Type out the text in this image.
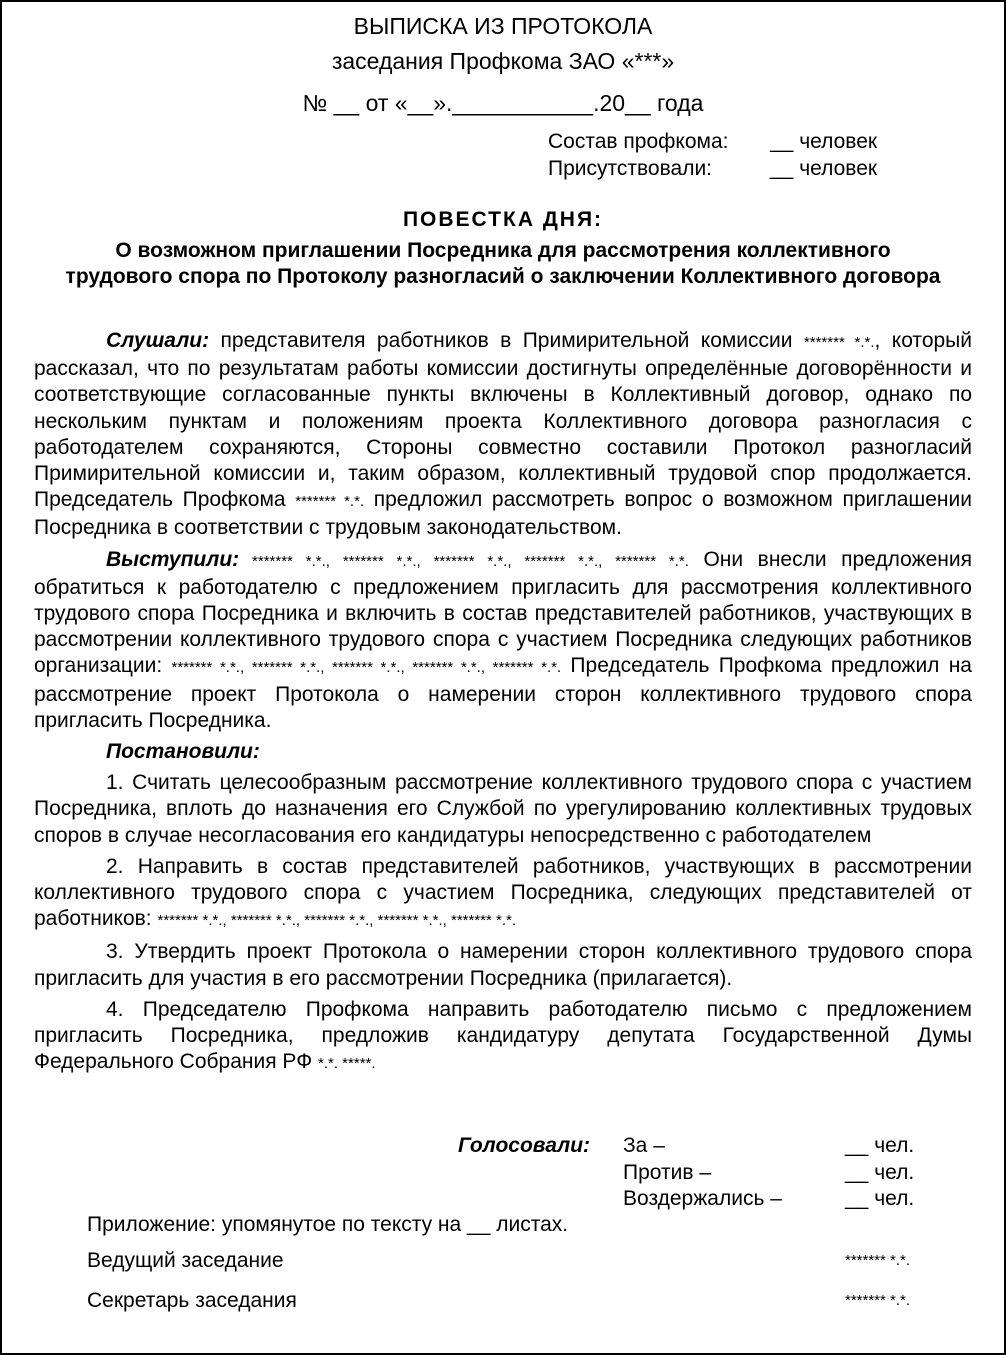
ВЫПИСКА ИЗ ПРОТОКОЛА
заседания Профкома ЗАО «***»
№ __ от «__».___________.20__ года
Состав профкома: __ человек
Присутствовали:	__ человек
ПОВЕСТКА ДНЯ:
О возможном приглашении Посредника для рассмотрения коллективного трудового спора по Протоколу разногласий о заключении Коллективного договора

Слушали: представителя работников в Примирительной комиссии ******* *.*., который рассказал, что по результатам работы комиссии достигнуты определённые договорённости и соответствующие согласованные пункты включены в Коллективный договор, однако по нескольким пунктам и положениям проекта Коллективного договора разногласия с работодателем сохраняются, Стороны совместно составили Протокол разногласий Примирительной комиссии и, таким образом, коллективный трудовой спор продолжается. Председатель Профкома ******* *.*. предложил рассмотреть вопрос о возможном приглашении Посредника в соответствии с трудовым законодательством.

Выступили: ******* *.*., ******* *.*., ******* *.*., ******* *.*., ******* *.*. Они внесли предложения обратиться к работодателю с предложением пригласить для рассмотрения коллективного трудового спора Посредника и включить в состав представителей работников, участвующих в рассмотрении коллективного трудового спора с участием Посредника следующих работников организации: ******* *.*., ******* *.*., ******* *.*., ******* *.*., ******* *.*. Председатель Профкома предложил на рассмотрение проект Протокола о намерении сторон коллективного трудового спора пригласить Посредника.

Постановили:

1. Считать целесообразным рассмотрение коллективного трудового спора с участием Посредника, вплоть до назначения его Службой по урегулированию коллективных трудовых споров в случае несогласования его кандидатуры непосредственно с работодателем

2. Направить в состав представителей работников, участвующих в рассмотрении коллективного трудового спора с участием Посредника, следующих представителей от работников: ******* *.*., ******* *.*., ******* *.*., ******* *.*., ******* *.*.

3. Утвердить проект Протокола о намерении сторон коллективного трудового спора пригласить для участия в его рассмотрении Посредника (прилагается).

4. Председателю Профкома направить работодателю письмо с предложением пригласить Посредника, предложив кандидатуру депутата Государственной Думы Федерального Собрания РФ *.*. *****.

Голосовали: За –	__ чел.
Против –	__ чел.
Воздержались –	__ чел.
Приложение: упомянутое по тексту на __ листах.
Ведущий заседание	******* *.*.
Секретарь заседания	******* *.*.
